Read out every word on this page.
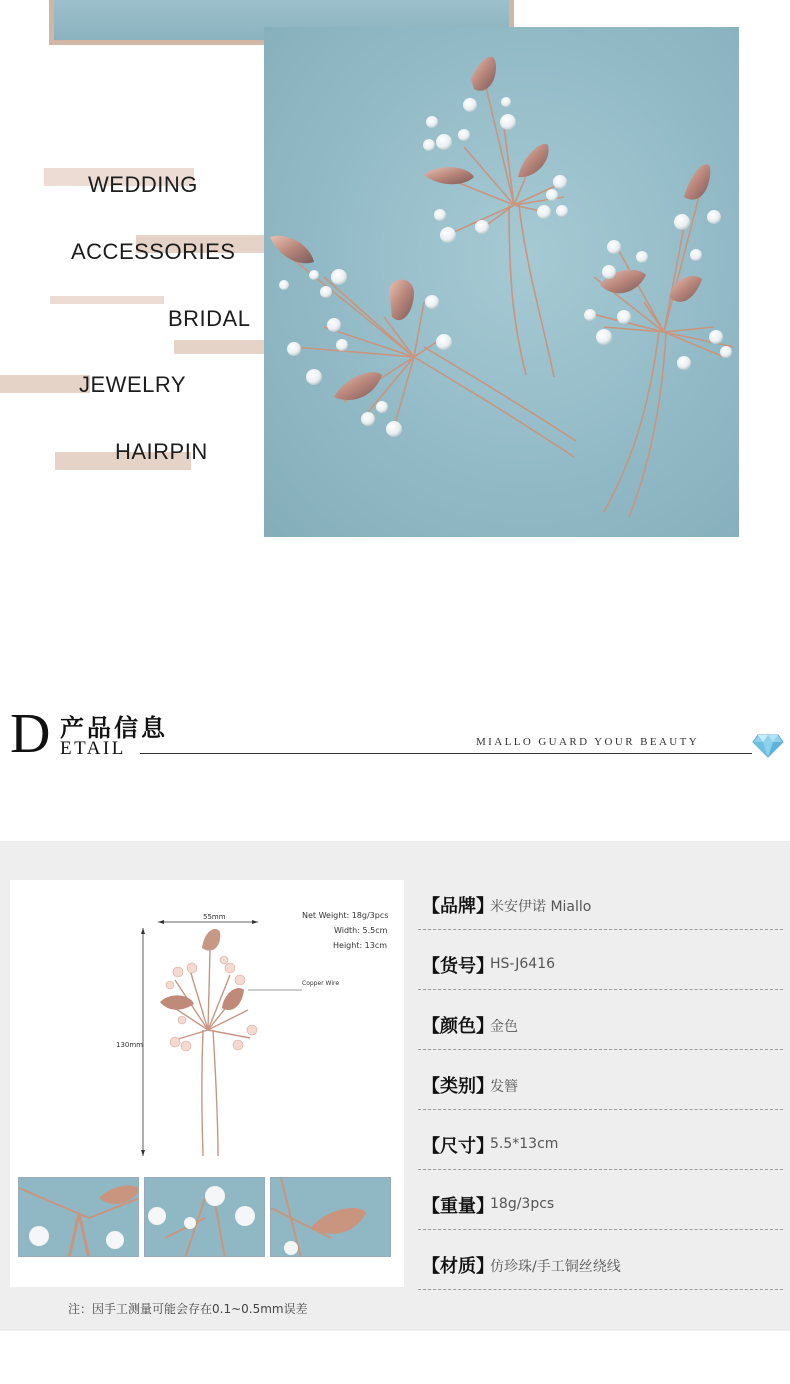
WEDDING
ACCESSORIES
BRIDAL
JEWELRY
HAIRPIN
D 产品信息
ETAIL	MIALLO GUARD YOUR BEAUTY
55mm
130mm
Net Weight: 18g/3pcs
Width: 5.5cm
Height: 13cm
Copper Wire
【品牌】
米安伊诺 Miallo
【货号】
HS-J6416
【颜色】
金色
【类别】
发簪
【尺寸】
5.5*13cm
【重量】
18g/3pcs
【材质】
仿珍珠/手工铜丝绕线
注：因手工测量可能会存在0.1~0.5mm误差
